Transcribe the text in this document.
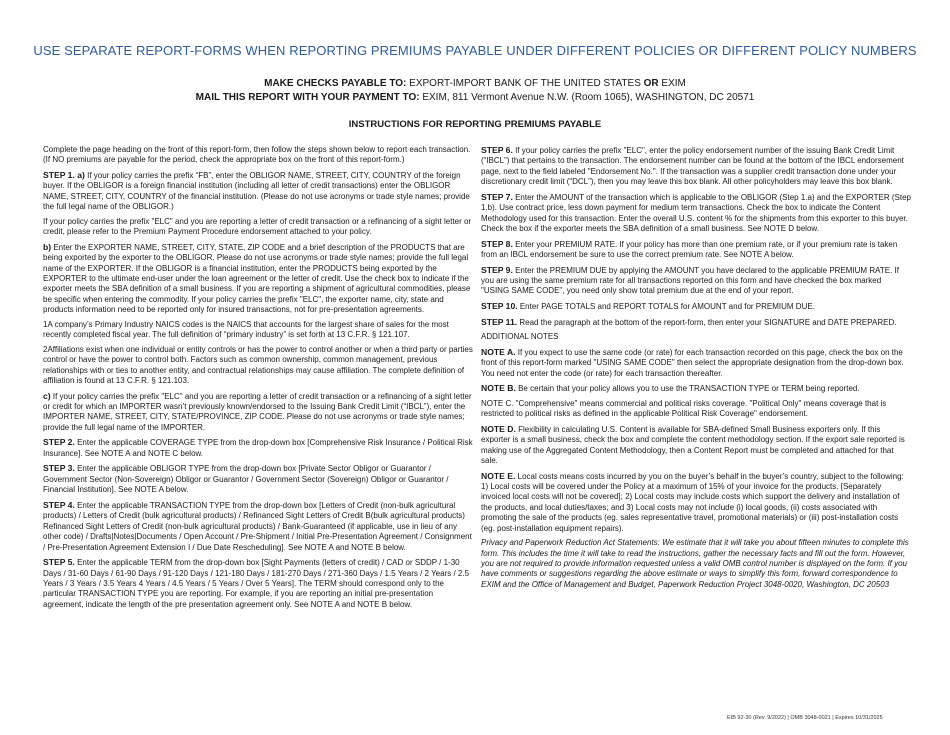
USE SEPARATE REPORT-FORMS WHEN REPORTING PREMIUMS PAYABLE UNDER DIFFERENT POLICIES OR DIFFERENT POLICY NUMBERS
MAKE CHECKS PAYABLE TO: EXPORT-IMPORT BANK OF THE UNITED STATES OR EXIM
MAIL THIS REPORT WITH YOUR PAYMENT TO: EXIM, 811 Vermont Avenue N.W. (Room 1065), WASHINGTON, DC 20571
INSTRUCTIONS FOR REPORTING PREMIUMS PAYABLE

Complete the page heading on the front of this report-form, then follow the steps shown below to report each transaction. (If NO premiums are payable for the period, check the appropriate box on the front of this report-form.)

STEP 1. a) If your policy carries the prefix “FB”, enter the OBLIGOR NAME, STREET, CITY, COUNTRY of the foreign buyer. If the OBLIGOR is a foreign financial institution (including all letter of credit transactions) enter the OBLIGOR NAME, STREET, CITY, COUNTRY of the financial institution. (Please do not use acronyms or trade style names; provide the full legal name of the OBLIGOR.)

If your policy carries the prefix "ELC" and you are reporting a letter of credit transaction or a refinancing of a sight letter or credit, please refer to the Premium Payment Procedure endorsement attached to your policy.

b) Enter the EXPORTER NAME, STREET, CITY, STATE, ZIP CODE and a brief description of the PRODUCTS that are being exported by the exporter to the OBLIGOR. Please do not use acronyms or trade style names; provide the full legal name of the EXPORTER. If the OBLIGOR is a financial institution, enter the PRODUCTS being exported by the EXPORTER to the ultimate end-user under the loan agreement or the letter of credit. Use the check box to indicate if the exporter meets the SBA definition of a small business. If you are reporting a shipment of agricultural commodities, please be specific when entering the commodity. If your policy carries the prefix "ELC", the exporter name, city, state and products information need to be reported only for insured transactions, not for pre-presentation agreements.

1A company’s Primary Industry NAICS codes is the NAICS that accounts for the largest share of sales for the most recently completed fiscal year. The full definition of “primary industry” is set forth at 13 C.F.R. § 121.107.

2Affiliations exist when one individual or entity controls or has the power to control another or when a third party or parties control or have the power to control both. Factors such as common ownership, common management, previous relationships with or ties to another entity, and contractual relationships may cause affiliation. The complete definition of affiliation is found at 13 C.F.R. § 121.103.

c) If your policy carries the prefix "ELC" and you are reporting a letter of credit transaction or a refinancing of a sight letter or credit for which an IMPORTER wasn’t previously known/endorsed to the Issuing Bank Credit Limit (“IBCL”), enter the IMPORTER NAME, STREET, CITY, STATE/PROVINCE, ZIP CODE. Please do not use acronyms or trade style names; provide the full legal name of the IMPORTER.

STEP 2. Enter the applicable COVERAGE TYPE from the drop-down box [Comprehensive Risk Insurance / Political Risk Insurance]. See NOTE A and NOTE C below.

STEP 3. Enter the applicable OBLIGOR TYPE from the drop-down box [Private Sector Obligor or Guarantor / Government Sector (Non-Sovereign) Obligor or Guarantor / Government Sector (Sovereign) Obligor or Guarantor / Financial Institution]. See NOTE A below.

STEP 4. Enter the applicable TRANSACTION TYPE from the drop-down box [Letters of Credit (non-bulk agricultural products) / Letters of Credit (bulk agricultural products) / Refinanced Sight Letters of Credit B(bulk agricultural products) Refinanced Sight Letters of Credit (non-bulk agricultural products) / Bank-Guaranteed (if applicable, use in lieu of any other code) / Drafts|Notes|Documents / Open Account / Pre-Shipment / Initial Pre-Presentation Agreement / Consignment / Pre-Presentation Agreement Extension I / Due Date Rescheduling]. See NOTE A and NOTE B below.

STEP 5. Enter the applicable TERM from the drop-down box [Sight Payments (letters of credit) / CAD or SDDP / 1-30 Days / 31-60 Days / 61-90 Days / 91-120 Days / 121-180 Days / 181-270 Days / 271-360 Days / 1.5 Years / 2 Years / 2.5 Years / 3 Years / 3.5 Years 4 Years / 4.5 Years / 5 Years / Over 5 Years]. The TERM should correspond only to the particular TRANSACTION TYPE you are reporting. For example, if you are reporting an initial pre-presentation agreement, indicate the length of the pre presentation agreement only. See NOTE A and NOTE B below.

STEP 6. If your policy carries the prefix "ELC", enter the policy endorsement number of the issuing Bank Credit Limit (“IBCL”) that pertains to the transaction. The endorsement number can be found at the bottom of the IBCL endorsement page, next to the field labeled "Endorsement No.". If the transaction was a supplier credit transaction done under your discretionary credit limit (“DCL”), then you may leave this box blank. All other policyholders may leave this box blank.

STEP 7. Enter the AMOUNT of the transaction which is applicable to the OBLIGOR (Step 1.a) and the EXPORTER (Step 1.b). Use contract price, less down payment for medium term transactions. Check the box to indicate the Content Methodology used for this transaction. Enter the overall U.S. content % for the shipments from this exporter to this buyer. Check the box if the exporter meets the SBA definition of a small business. See NOTE D below.

STEP 8. Enter your PREMIUM RATE. If your policy has more than one premium rate, or if your premium rate is taken from an IBCL endorsement be sure to use the correct premium rate. See NOTE A below.

STEP 9. Enter the PREMIUM DUE by applying the AMOUNT you have declared to the applicable PREMIUM RATE. If you are using the same premium rate for all transactions reported on this form and have checked the box marked "USING SAME CODE", you need only show total premium due at the end of your report.

STEP 10. Enter PAGE TOTALS and REPORT TOTALS for AMOUNT and for PREMIUM DUE.

STEP 11. Read the paragraph at the bottom of the report-form, then enter your SIGNATURE and DATE PREPARED.

ADDITIONAL NOTES

NOTE A. If you expect to use the same code (or rate) for each transaction recorded on this page, check the box on the front of this report-form marked "USING SAME CODE" then select the appropriate designation from the drop-down box. You need not enter the code (or rate) for each transaction thereafter.

NOTE B. Be certain that your policy allows you to use the TRANSACTION TYPE or TERM being reported.

NOTE C. "Comprehensive" means commercial and political risks coverage. "Political Only" means coverage that is restricted to political risks as defined in the applicable Political Risk Coverage" endorsement.

NOTE D. Flexibility in calculating U.S. Content is available for SBA-defined Small Business exporters only. If this exporter is a small business, check the box and complete the content methodology section. If the export sale reported is making use of the Aggregated Content Methodology, then a Content Report must be completed and attached for that sale.

NOTE E. Local costs means costs incurred by you on the buyer’s behalf in the buyer’s country, subject to the following: 1) Local costs will be covered under the Policy at a maximum of 15% of your invoice for the products. [Separately invoiced local costs will not be covered]; 2) Local costs may include costs which support the delivery and installation of the products, and local duties/taxes; and 3) Local costs may not include (i) local goods, (ii) costs associated with promoting the sale of the products (eg. sales representative travel, promotional materials) or (iii) post-installation costs (eg. post-installation equipment repairs).

Privacy and Paperwork Reduction Act Statements: We estimate that it will take you about fifteen minutes to complete this form. This includes the time it will take to read the instructions, gather the necessary facts and fill out the form. However, you are not required to provide information requested unless a valid OMB control number is displayed on the form. If you have comments or suggestions regarding the above estimate or ways to simplify this form, forward correspondence to EXIM and the Office of Management and Budget, Paperwork Reduction Project 3048-0020, Washington, DC 20503

EIB 92-30 (Rev. 9/2022) | OMB 3048-0021 | Expires 10/31/2025
